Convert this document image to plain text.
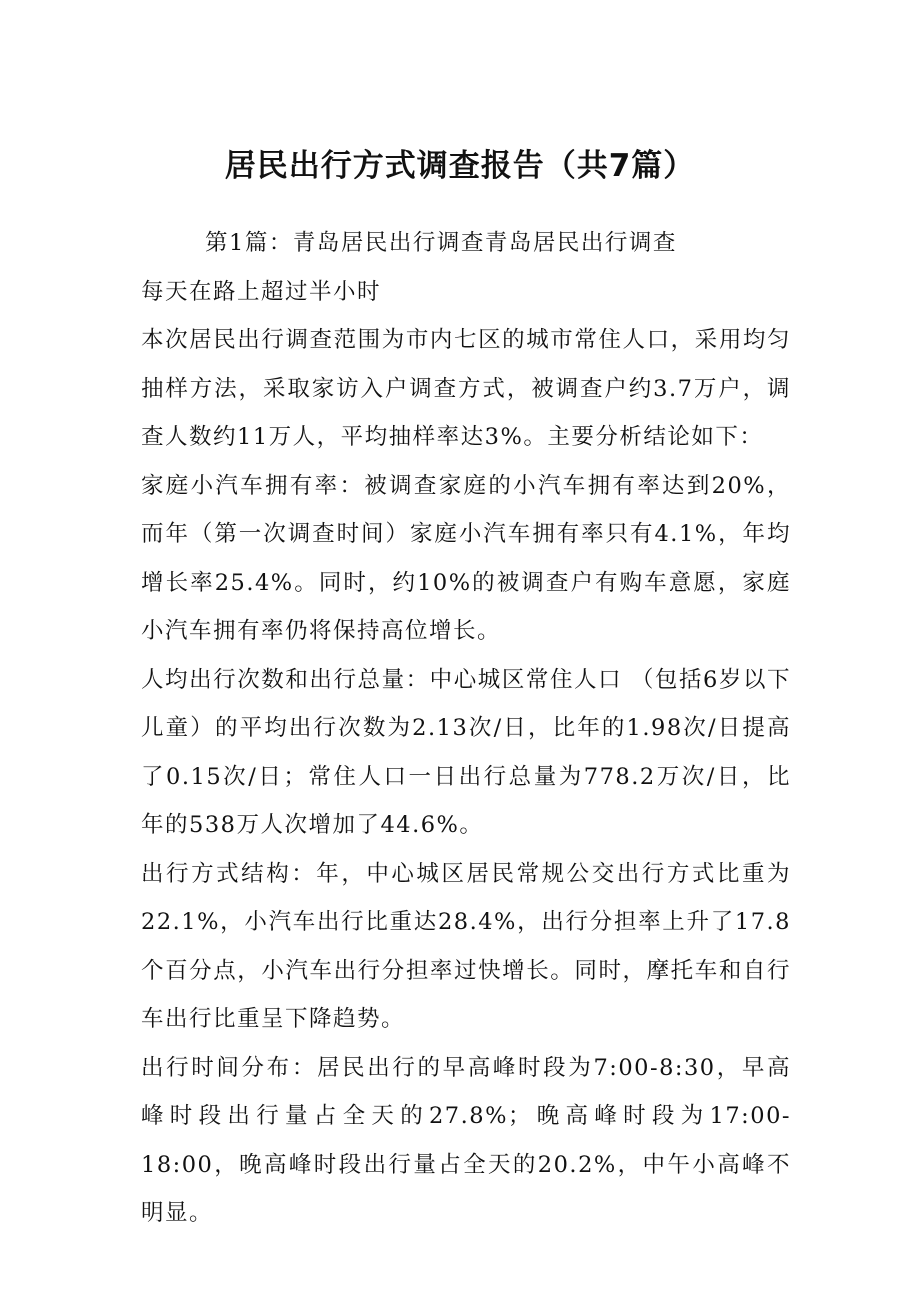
居民出行方式调查报告（共7篇）

第1篇：青岛居民出行调查青岛居民出行调查

每天在路上超过半小时

本次居民出行调查范围为市内七区的城市常住人口，采用均匀抽样方法，采取家访入户调查方式，被调查户约3.7万户，调查人数约11万人，平均抽样率达3%。主要分析结论如下：

家庭小汽车拥有率：被调查家庭的小汽车拥有率达到20%，而年（第一次调查时间）家庭小汽车拥有率只有4.1%，年均增长率25.4%。同时，约10%的被调查户有购车意愿，家庭小汽车拥有率仍将保持高位增长。

人均出行次数和出行总量：中心城区常住人口 （包括6岁以下儿童）的平均出行次数为2.13次/日，比年的1.98次/日提高了0.15次/日；常住人口一日出行总量为778.2万次/日，比年的538万人次增加了44.6%。

出行方式结构：年，中心城区居民常规公交出行方式比重为22.1%，小汽车出行比重达28.4%，出行分担率上升了17.8个百分点，小汽车出行分担率过快增长。同时，摩托车和自行车出行比重呈下降趋势。

出行时间分布：居民出行的早高峰时段为7:00-8:30，早高峰时段出行量占全天的27.8%；晚高峰时段为17:00-18:00，晚高峰时段出行量占全天的20.2%，中午小高峰不明显。
